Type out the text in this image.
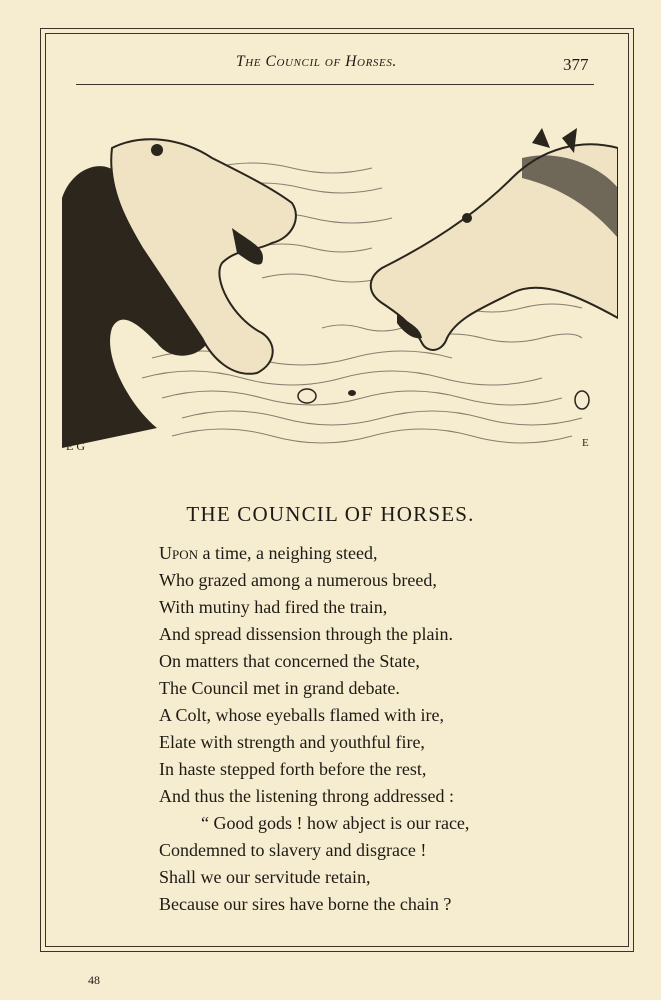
The Council of Horses.	377
E G	E
THE COUNCIL OF HORSES.
Upon a time, a neighing steed,
Who grazed among a numerous breed,
With mutiny had fired the train,
And spread dissension through the plain.
On matters that concerned the State,
The Council met in grand debate.
A Colt, whose eyeballs flamed with ire,
Elate with strength and youthful fire,
In haste stepped forth before the rest,
And thus the listening throng addressed :
“ Good gods ! how abject is our race,
Condemned to slavery and disgrace !
Shall we our servitude retain,
Because our sires have borne the chain ?
48
